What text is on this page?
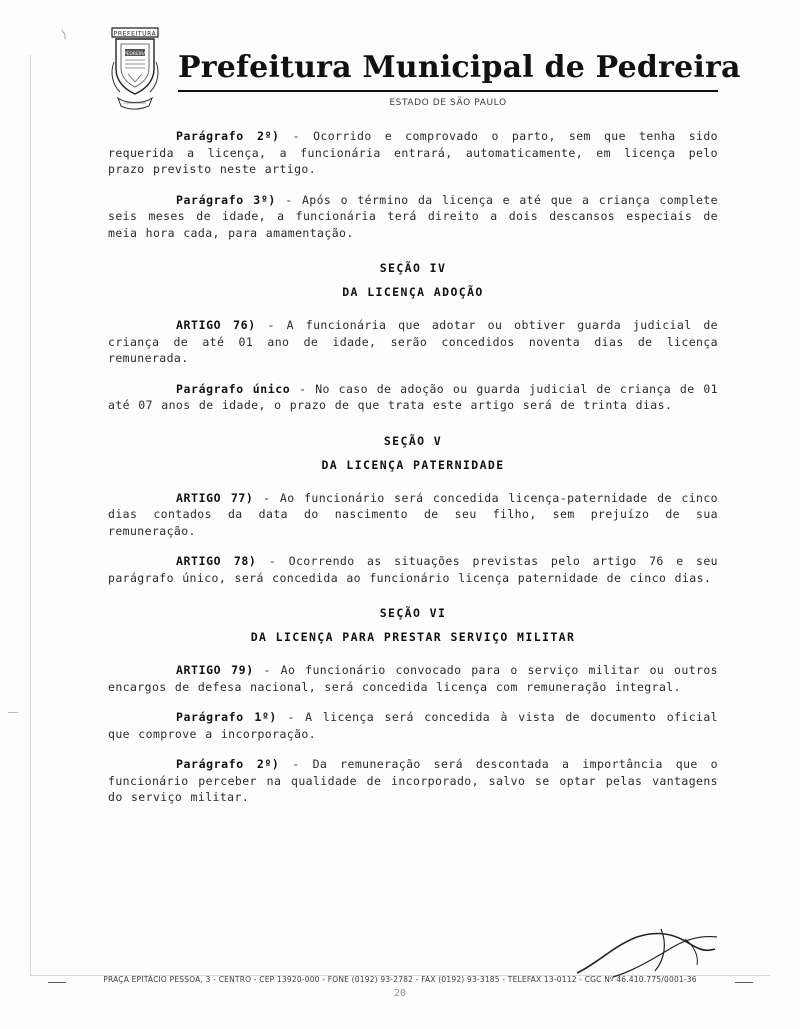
⟩	PREFEITURA
PEDREIRA Prefeitura Municipal de Pedreira
ESTADO DE SÃO PAULO

Parágrafo 2º) - Ocorrido e comprovado o parto, sem que tenha sido requerida a licença, a funcionária entrará, automaticamente, em licença pelo prazo previsto neste artigo.

Parágrafo 3º) - Após o término da licença e até que a criança complete seis meses de idade, a funcionária terá direito a dois descansos especiais de meia hora cada, para amamentação.

SEÇÃO IV
DA LICENÇA ADOÇÃO

ARTIGO 76) - A funcionária que adotar ou obtiver guarda judicial de criança de até 01 ano de idade, serão concedidos noventa dias de licença remunerada.

Parágrafo único - No caso de adoção ou guarda judicial de criança de 01 até 07 anos de idade, o prazo de que trata este artigo será de trinta dias.

SEÇÃO V
DA LICENÇA PATERNIDADE

ARTIGO 77) - Ao funcionário será concedida licença-paternidade de cinco dias contados da data do nascimento de seu filho, sem prejuízo de sua remuneração.

ARTIGO 78) - Ocorrendo as situações previstas pelo artigo 76 e seu parágrafo único, será concedida ao funcionário licença paternidade de cinco dias.

SEÇÃO VI
DA LICENÇA PARA PRESTAR SERVIÇO MILITAR

ARTIGO 79) - Ao funcionário convocado para o serviço militar ou outros encargos de defesa nacional, será concedida licença com remuneração integral.

Parágrafo 1º) - A licença será concedida à vista de documento oficial que comprove a incorporação.

Parágrafo 2º) - Da remuneração será descontada a importância que o funcionário perceber na qualidade de incorporado, salvo se optar pelas vantagens do serviço militar.

PRAÇA EPITÁCIO PESSOA, 3 - CENTRO - CEP 13920-000 - FONE (0192) 93-2782 - FAX (0192) 93-3185 - TELEFAX 13-0112 - CGC Nº 46.410.775/0001-36
20
